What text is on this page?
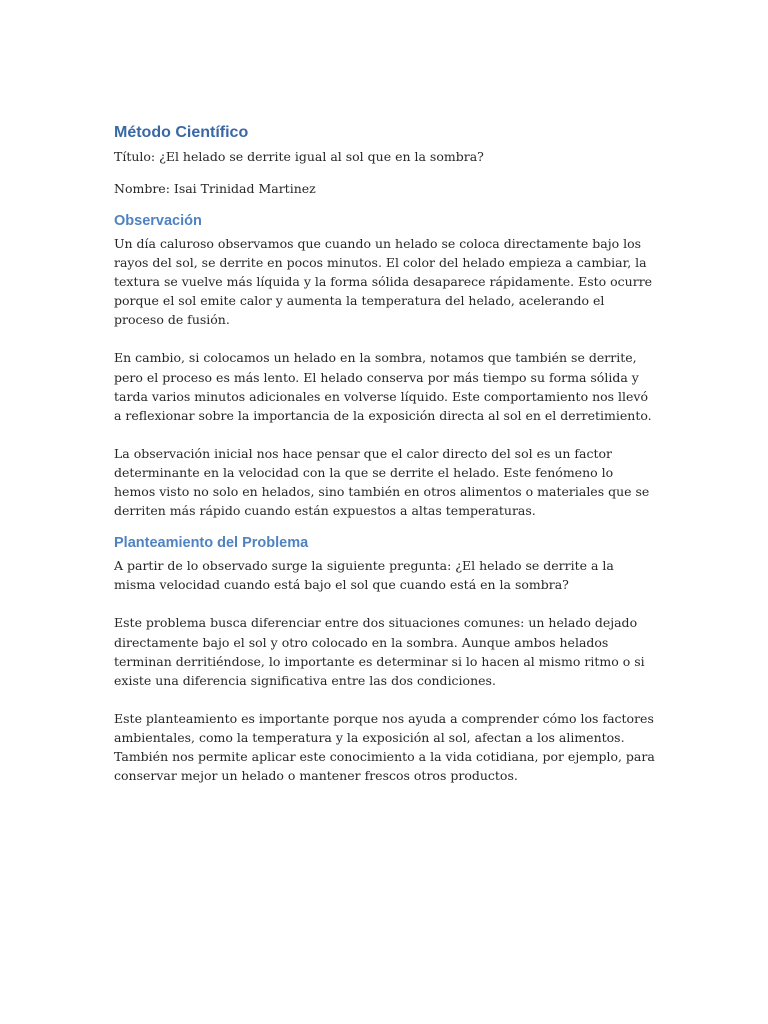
Método Científico
Título: ¿El helado se derrite igual al sol que en la sombra?
Nombre: Isai Trinidad Martinez
Observación

Un día caluroso observamos que cuando un helado se coloca directamente bajo los rayos del sol, se derrite en pocos minutos. El color del helado empieza a cambiar, la textura se vuelve más líquida y la forma sólida desaparece rápidamente. Esto ocurre porque el sol emite calor y aumenta la temperatura del helado, acelerando el proceso de fusión.

En cambio, si colocamos un helado en la sombra, notamos que también se derrite, pero el proceso es más lento. El helado conserva por más tiempo su forma sólida y tarda varios minutos adicionales en volverse líquido. Este comportamiento nos llevó a reflexionar sobre la importancia de la exposición directa al sol en el derretimiento.

La observación inicial nos hace pensar que el calor directo del sol es un factor determinante en la velocidad con la que se derrite el helado. Este fenómeno lo hemos visto no solo en helados, sino también en otros alimentos o materiales que se derriten más rápido cuando están expuestos a altas temperaturas.

Planteamiento del Problema

A partir de lo observado surge la siguiente pregunta: ¿El helado se derrite a la misma velocidad cuando está bajo el sol que cuando está en la sombra?

Este problema busca diferenciar entre dos situaciones comunes: un helado dejado directamente bajo el sol y otro colocado en la sombra. Aunque ambos helados terminan derritiéndose, lo importante es determinar si lo hacen al mismo ritmo o si existe una diferencia significativa entre las dos condiciones.

Este planteamiento es importante porque nos ayuda a comprender cómo los factores ambientales, como la temperatura y la exposición al sol, afectan a los alimentos. También nos permite aplicar este conocimiento a la vida cotidiana, por ejemplo, para conservar mejor un helado o mantener frescos otros productos.
